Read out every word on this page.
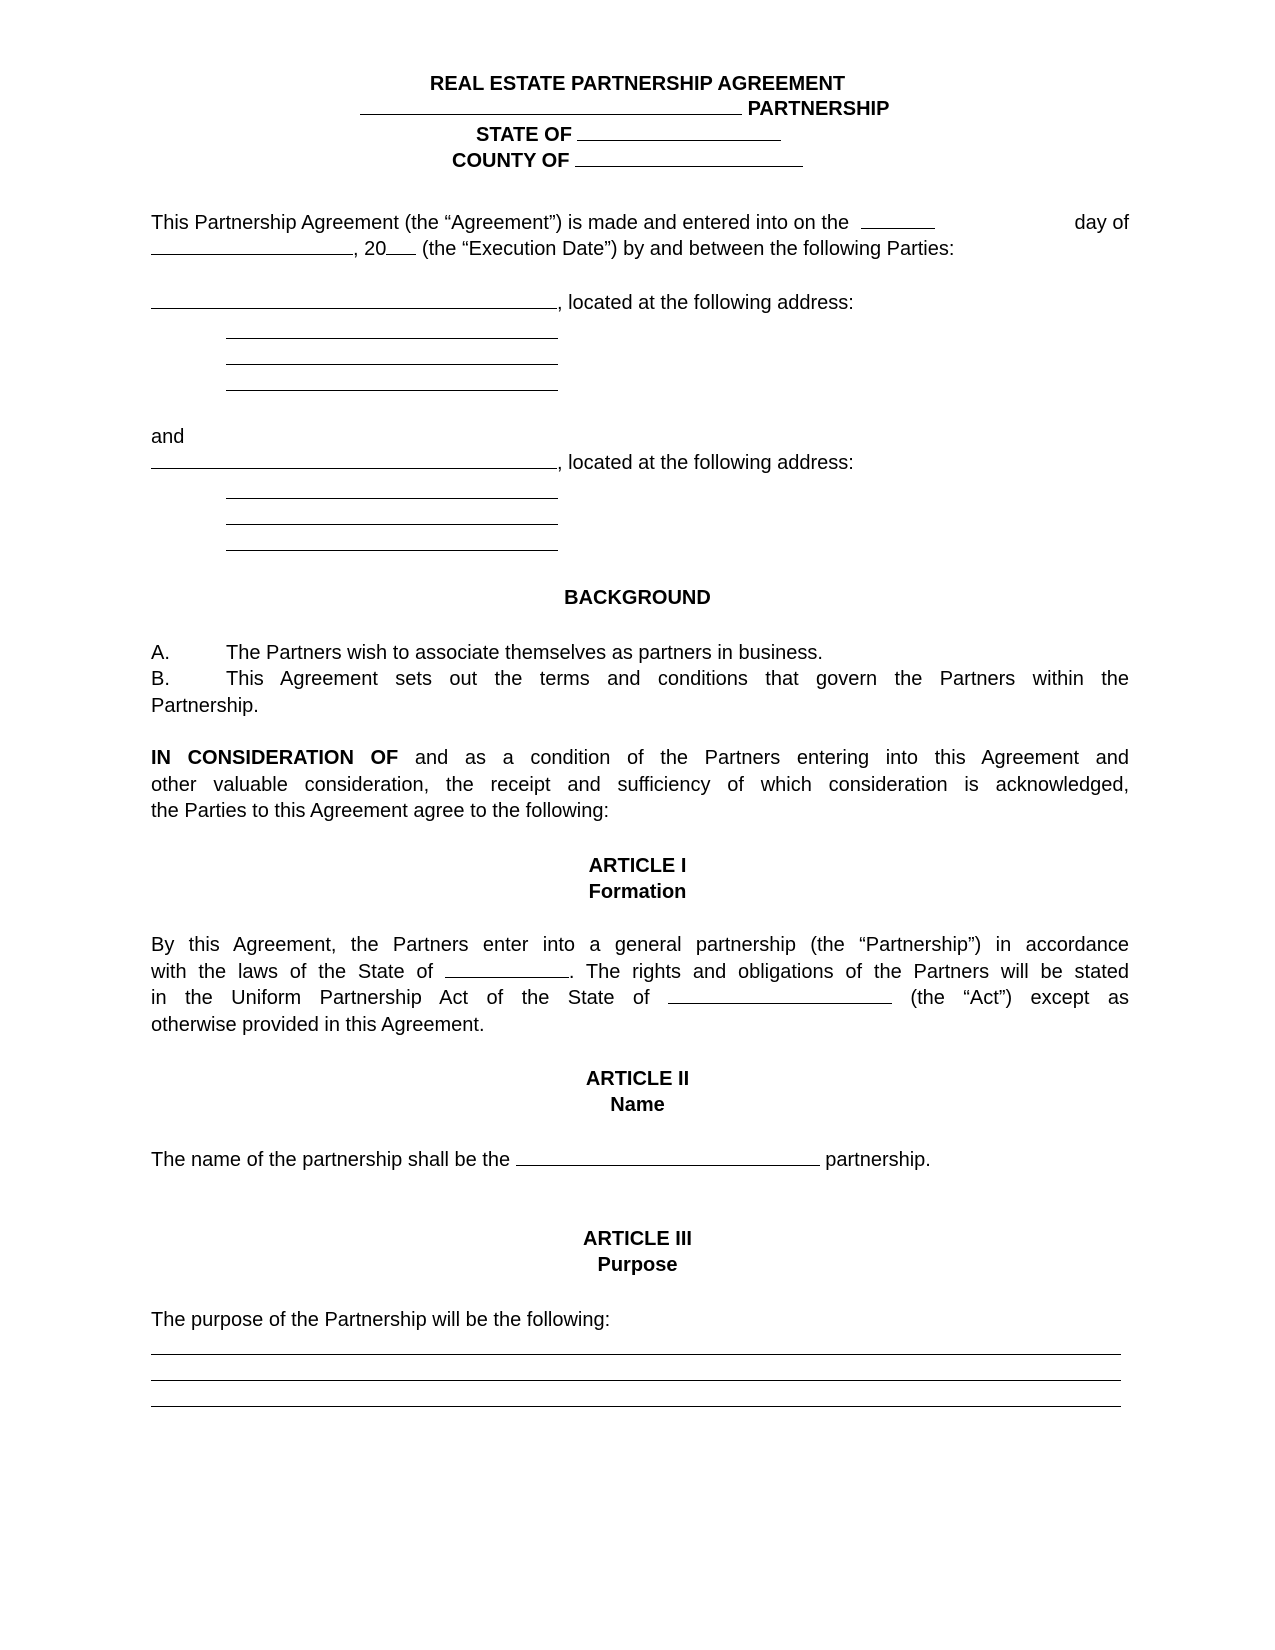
REAL ESTATE PARTNERSHIP AGREEMENT
PARTNERSHIP
STATE OF
COUNTY OF
This Partnership Agreement (the “Agreement”) is made and entered into on the	day of
, 20 (the “Execution Date”) by and between the following Parties:
, located at the following address:
and
, located at the following address:
BACKGROUND
A.	The Partners wish to associate themselves as partners in business.
B.	This Agreement sets out the terms and conditions that govern the Partners within the
Partnership.
IN CONSIDERATION OF and as a condition of the Partners entering into this Agreement and
other valuable consideration, the receipt and sufficiency of which consideration is acknowledged,
the Parties to this Agreement agree to the following:
ARTICLE I
Formation
By this Agreement, the Partners enter into a general partnership (the “Partnership”) in accordance
with the laws of the State of	. The rights and obligations of the Partners will be stated
in the Uniform Partnership Act of the State of	(the “Act”) except as
otherwise provided in this Agreement.
ARTICLE II
Name
The name of the partnership shall be the	partnership.
ARTICLE III
Purpose
The purpose of the Partnership will be the following:
